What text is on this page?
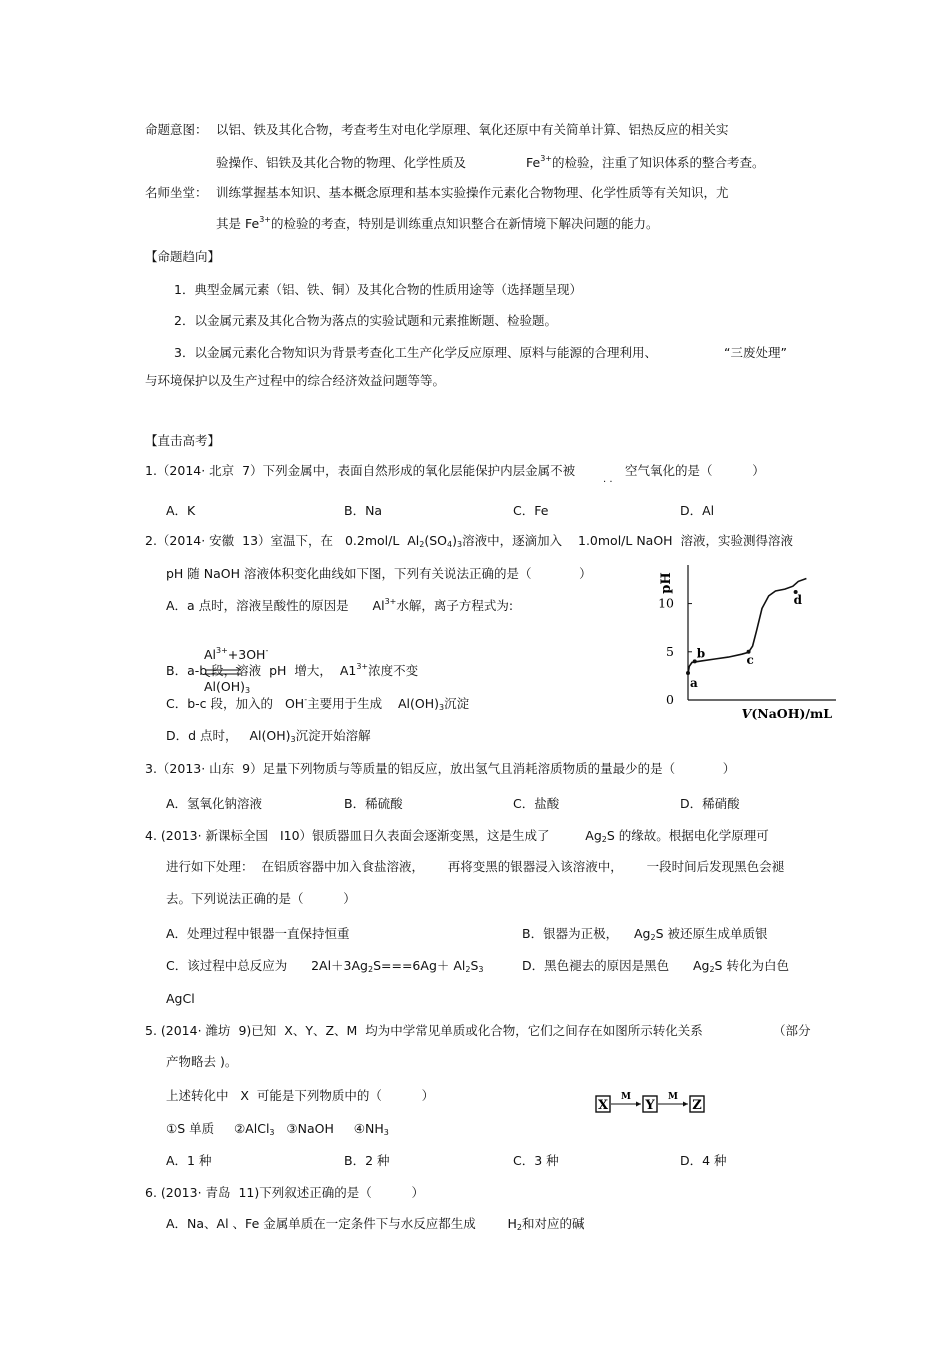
命题意图： 以铝、铁及其化合物，考查考生对电化学原理、氧化还原中有关简单计算、铝热反应的相关实
验操作、铝铁及其化合物的物理、化学性质及	$Fe^{3+}$的检验，注重了知识体系的整合考查。
名师坐堂： 训练掌握基本知识、基本概念原理和基本实验操作元素化合物物理、化学性质等有关知识，尤
其是 $Fe^{3+}$的检验的考查，特别是训练重点知识整合在新情境下解决问题的能力。
【命题趋向】
1．典型金属元素（铝、铁、铜）及其化合物的性质用途等（选择题呈现）
2．以金属元素及其化合物为落点的实验试题和元素推断题、检验题。
3．以金属元素化合物知识为背景考查化工生产化学反应原理、原料与能源的合理利用、	“三废处理”
与环境保护以及生产过程中的综合经济效益问题等等。
【直击高考】
1.（2014· 北京  7）下列金属中，表面自然形成的氧化层能保护内层金属不被
. .
空气氧化的是（          ）
A．K	B．Na	C．Fe	D．Al
2.（2014· 安徽  13）室温下，在   0.2mol/L  $Al_2(SO_4)_3$溶液中，逐滴加入    1.0mol/L NaOH  溶液，实验测得溶液
pH 随 NaOH 溶液体积变化曲线如下图，下列有关说法正确的是（            ）
A．a 点时，溶液呈酸性的原因是      $Al^{3+}$水解，离子方程式为:

$Al^{3+}+3OH^-$

$Al(OH)_3$

B．a-b 段，溶液  pH  增大，  $A1^{3+}$浓度不变
C．b-c 段，加入的   OH-主要用于生成    $Al(OH)_3$沉淀
D．d 点时，   $Al(OH)_3$沉淀开始溶解
pH
V(NaOH)/mL
0
5
10
a
b	c
d
3.（2013· 山东  9）足量下列物质与等质量的铝反应，放出氢气且消耗溶质物质的量最少的是（            ）
A．氢氧化钠溶液	B．稀硫酸	C．盐酸	D．稀硝酸
4. (2013· 新课标全国   Ⅰ10）银质器皿日久表面会逐渐变黑，这是生成了         $Ag_2S$ 的缘故。根据电化学原理可
进行如下处理：  在铝质容器中加入食盐溶液，      再将变黑的银器浸入该溶液中，      一段时间后发现黑色会褪
去。下列说法正确的是（          ）
A．处理过程中银器一直保持恒重	B．银器为正极，    $Ag_2S$ 被还原生成单质银
C．该过程中总反应为      $2Al+3Ag_2S===6Ag+ Al_2S_3$	D．黑色褪去的原因是黑色      $Ag_2S$ 转化为白色
AgCl
5. (2014· 潍坊  9)已知  X、Y、Z、M  均为中学常见单质或化合物，它们之间存在如图所示转化关系	（部分
产物略去 )。
上述转化中   X  可能是下列物质中的（          ）
①S 单质     ②AlCl$_3$   ③NaOH     $④NH_3$
A．1 种	B．2 种	C．3 种	D．4 种
X
M
Y
M
Z
6. (2013· 青岛  11)下列叙述正确的是（          ）
A．Na、Al 、Fe 金属单质在一定条件下与水反应都生成        $H_2$和对应的碱
